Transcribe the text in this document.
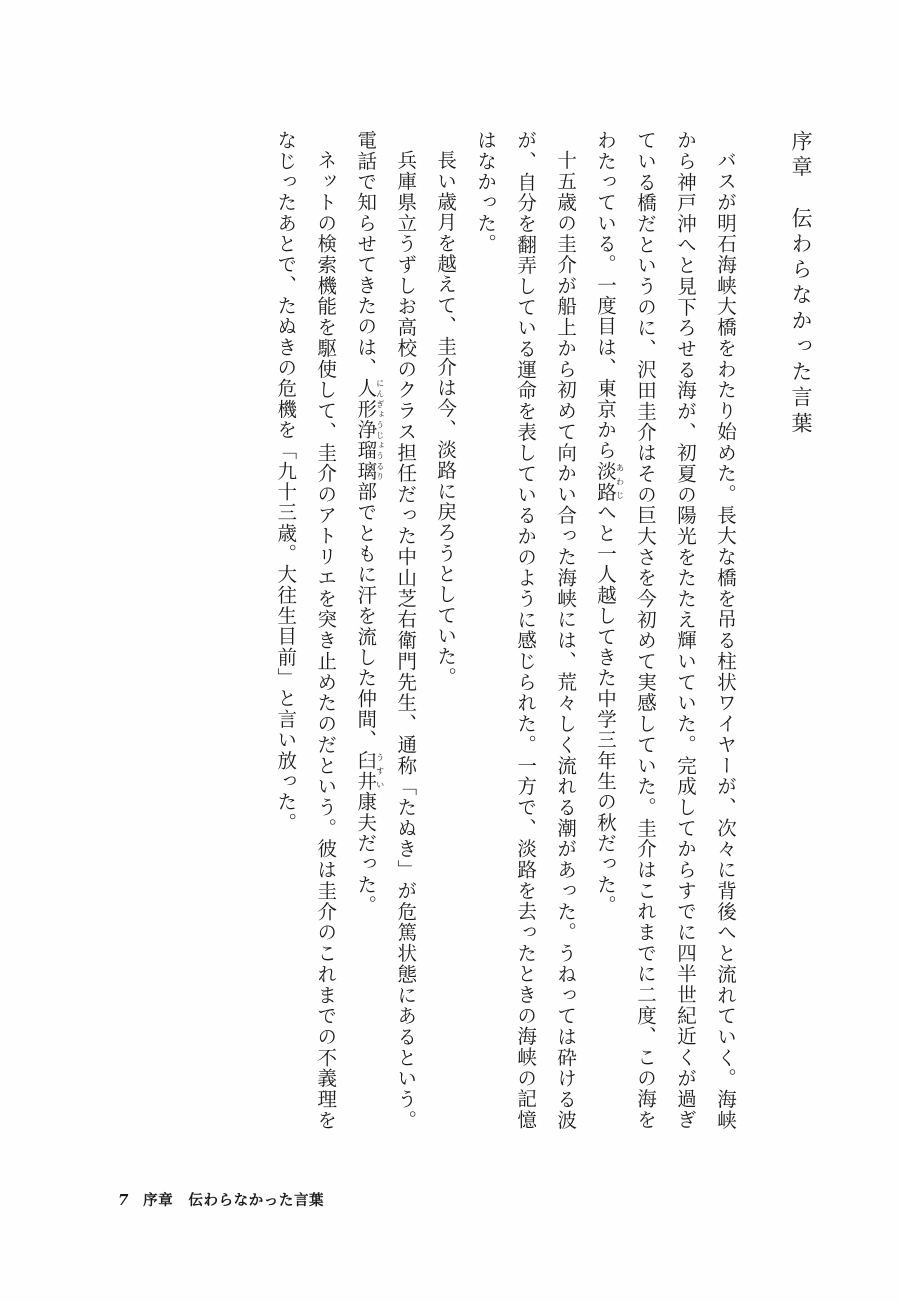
序章　伝わらなかった言葉

バスが明石海峡大橋をわたり始めた。長大な橋を吊る柱状ワイヤーが、次々に背後へと流れていく。海峡から神戸沖へと見下ろせる海が、初夏の陽光をたたえ輝いていた。完成してからすでに四半世紀近くが過ぎている橋だというのに、沢田圭介はその巨大さを今初めて実感していた。圭介はこれまでに二度、この海をわたっている。一度目は、東京から淡路あわじへと一人越してきた中学三年生の秋だった。

十五歳の圭介が船上から初めて向かい合った海峡には、荒々しく流れる潮があった。うねっては砕ける波が、自分を翻弄している運命を表しているかのように感じられた。一方で、淡路を去ったときの海峡の記憶はなかった。

長い歳月を越えて、圭介は今、淡路に戻ろうとしていた。

兵庫県立うずしお高校のクラス担任だった中山芝右衛門先生、通称「たぬき」が危篤状態にあるという。電話で知らせてきたのは、人形浄瑠璃にんぎょうじょうるり部でともに汗を流した仲間、臼井うすい康夫だった。

ネットの検索機能を駆使して、圭介のアトリエを突き止めたのだという。彼は圭介のこれまでの不義理をなじったあとで、たぬきの危機を「九十三歳。大往生目前」と言い放った。

7 序章　伝わらなかった言葉
